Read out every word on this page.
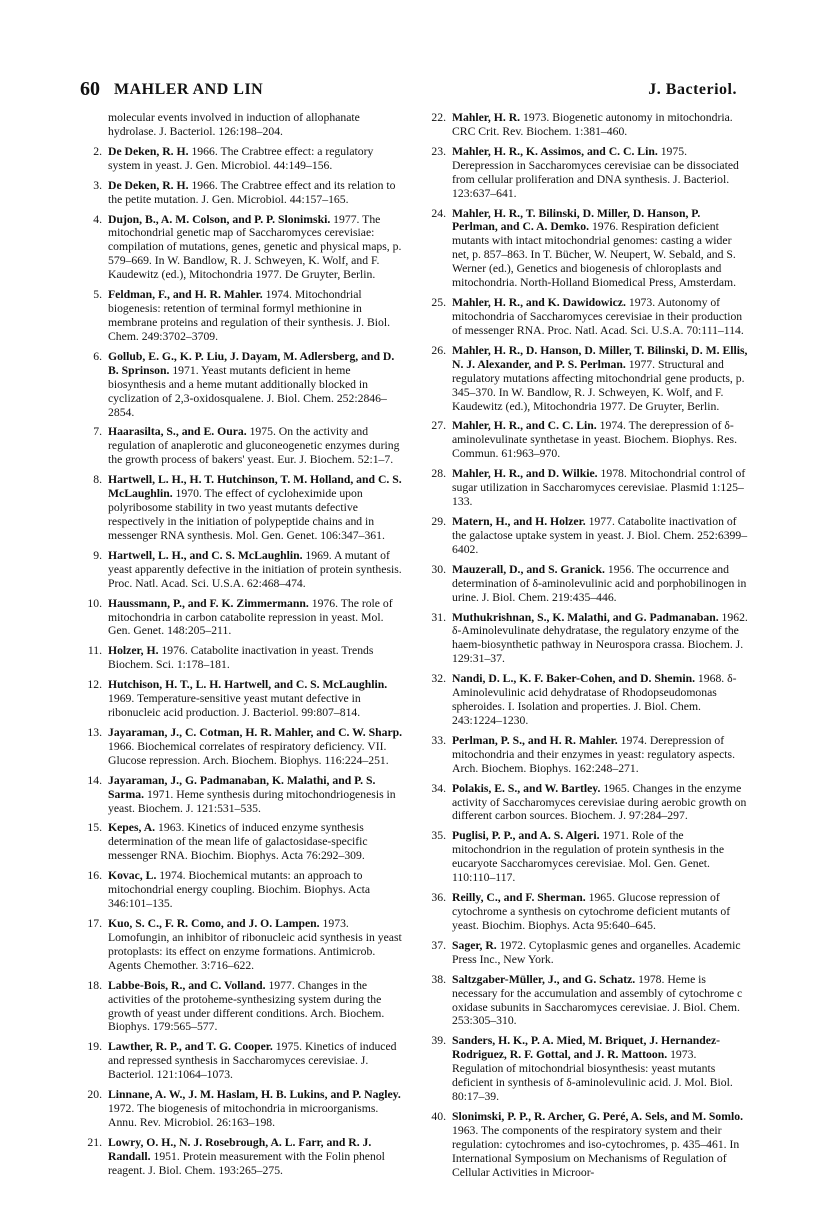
60 MAHLER AND LIN	J. Bacteriol.
molecular events involved in induction of allophanate hydrolase. J. Bacteriol. 126:198–204.
2. De Deken, R. H. 1966. The Crabtree effect: a regulatory system in yeast. J. Gen. Microbiol. 44:149–156.
3. De Deken, R. H. 1966. The Crabtree effect and its relation to the petite mutation. J. Gen. Microbiol. 44:157–165.
4. Dujon, B., A. M. Colson, and P. P. Slonimski. 1977. The mitochondrial genetic map of Saccharomyces cerevisiae: compilation of mutations, genes, genetic and physical maps, p. 579–669. In W. Bandlow, R. J. Schweyen, K. Wolf, and F. Kaudewitz (ed.), Mitochondria 1977. De Gruyter, Berlin.
5. Feldman, F., and H. R. Mahler. 1974. Mitochondrial biogenesis: retention of terminal formyl methionine in membrane proteins and regulation of their synthesis. J. Biol. Chem. 249:3702–3709.
6. Gollub, E. G., K. P. Liu, J. Dayam, M. Adlersberg, and D. B. Sprinson. 1971. Yeast mutants deficient in heme biosynthesis and a heme mutant additionally blocked in cyclization of 2,3-oxidosqualene. J. Biol. Chem. 252:2846–2854.
7. Haarasilta, S., and E. Oura. 1975. On the activity and regulation of anaplerotic and gluconeogenetic enzymes during the growth process of bakers' yeast. Eur. J. Biochem. 52:1–7.
8. Hartwell, L. H., H. T. Hutchinson, T. M. Holland, and C. S. McLaughlin. 1970. The effect of cycloheximide upon polyribosome stability in two yeast mutants defective respectively in the initiation of polypeptide chains and in messenger RNA synthesis. Mol. Gen. Genet. 106:347–361.
9. Hartwell, L. H., and C. S. McLaughlin. 1969. A mutant of yeast apparently defective in the initiation of protein synthesis. Proc. Natl. Acad. Sci. U.S.A. 62:468–474.
10. Haussmann, P., and F. K. Zimmermann. 1976. The role of mitochondria in carbon catabolite repression in yeast. Mol. Gen. Genet. 148:205–211.
11. Holzer, H. 1976. Catabolite inactivation in yeast. Trends Biochem. Sci. 1:178–181.
12. Hutchison, H. T., L. H. Hartwell, and C. S. McLaughlin. 1969. Temperature-sensitive yeast mutant defective in ribonucleic acid production. J. Bacteriol. 99:807–814.
13. Jayaraman, J., C. Cotman, H. R. Mahler, and C. W. Sharp. 1966. Biochemical correlates of respiratory deficiency. VII. Glucose repression. Arch. Biochem. Biophys. 116:224–251.
14. Jayaraman, J., G. Padmanaban, K. Malathi, and P. S. Sarma. 1971. Heme synthesis during mitochondriogenesis in yeast. Biochem. J. 121:531–535.
15. Kepes, A. 1963. Kinetics of induced enzyme synthesis determination of the mean life of galactosidase-specific messenger RNA. Biochim. Biophys. Acta 76:292–309.
16. Kovac, L. 1974. Biochemical mutants: an approach to mitochondrial energy coupling. Biochim. Biophys. Acta 346:101–135.
17. Kuo, S. C., F. R. Como, and J. O. Lampen. 1973. Lomofungin, an inhibitor of ribonucleic acid synthesis in yeast protoplasts: its effect on enzyme formations. Antimicrob. Agents Chemother. 3:716–622.
18. Labbe-Bois, R., and C. Volland. 1977. Changes in the activities of the protoheme-synthesizing system during the growth of yeast under different conditions. Arch. Biochem. Biophys. 179:565–577.
19. Lawther, R. P., and T. G. Cooper. 1975. Kinetics of induced and repressed synthesis in Saccharomyces cerevisiae. J. Bacteriol. 121:1064–1073.
20. Linnane, A. W., J. M. Haslam, H. B. Lukins, and P. Nagley. 1972. The biogenesis of mitochondria in microorganisms. Annu. Rev. Microbiol. 26:163–198.
21. Lowry, O. H., N. J. Rosebrough, A. L. Farr, and R. J. Randall. 1951. Protein measurement with the Folin phenol reagent. J. Biol. Chem. 193:265–275.
22. Mahler, H. R. 1973. Biogenetic autonomy in mitochondria. CRC Crit. Rev. Biochem. 1:381–460.
23. Mahler, H. R., K. Assimos, and C. C. Lin. 1975. Derepression in Saccharomyces cerevisiae can be dissociated from cellular proliferation and DNA synthesis. J. Bacteriol. 123:637–641.
24. Mahler, H. R., T. Bilinski, D. Miller, D. Hanson, P. Perlman, and C. A. Demko. 1976. Respiration deficient mutants with intact mitochondrial genomes: casting a wider net, p. 857–863. In T. Bücher, W. Neupert, W. Sebald, and S. Werner (ed.), Genetics and biogenesis of chloroplasts and mitochondria. North-Holland Biomedical Press, Amsterdam.
25. Mahler, H. R., and K. Dawidowicz. 1973. Autonomy of mitochondria of Saccharomyces cerevisiae in their production of messenger RNA. Proc. Natl. Acad. Sci. U.S.A. 70:111–114.
26. Mahler, H. R., D. Hanson, D. Miller, T. Bilinski, D. M. Ellis, N. J. Alexander, and P. S. Perlman. 1977. Structural and regulatory mutations affecting mitochondrial gene products, p. 345–370. In W. Bandlow, R. J. Schweyen, K. Wolf, and F. Kaudewitz (ed.), Mitochondria 1977. De Gruyter, Berlin.
27. Mahler, H. R., and C. C. Lin. 1974. The derepression of δ-aminolevulinate synthetase in yeast. Biochem. Biophys. Res. Commun. 61:963–970.
28. Mahler, H. R., and D. Wilkie. 1978. Mitochondrial control of sugar utilization in Saccharomyces cerevisiae. Plasmid 1:125–133.
29. Matern, H., and H. Holzer. 1977. Catabolite inactivation of the galactose uptake system in yeast. J. Biol. Chem. 252:6399–6402.
30. Mauzerall, D., and S. Granick. 1956. The occurrence and determination of δ-aminolevulinic acid and porphobilinogen in urine. J. Biol. Chem. 219:435–446.
31. Muthukrishnan, S., K. Malathi, and G. Padmanaban. 1962. δ-Aminolevulinate dehydratase, the regulatory enzyme of the haem-biosynthetic pathway in Neurospora crassa. Biochem. J. 129:31–37.
32. Nandi, D. L., K. F. Baker-Cohen, and D. Shemin. 1968. δ-Aminolevulinic acid dehydratase of Rhodopseudomonas spheroides. I. Isolation and properties. J. Biol. Chem. 243:1224–1230.
33. Perlman, P. S., and H. R. Mahler. 1974. Derepression of mitochondria and their enzymes in yeast: regulatory aspects. Arch. Biochem. Biophys. 162:248–271.
34. Polakis, E. S., and W. Bartley. 1965. Changes in the enzyme activity of Saccharomyces cerevisiae during aerobic growth on different carbon sources. Biochem. J. 97:284–297.
35. Puglisi, P. P., and A. S. Algeri. 1971. Role of the mitochondrion in the regulation of protein synthesis in the eucaryote Saccharomyces cerevisiae. Mol. Gen. Genet. 110:110–117.
36. Reilly, C., and F. Sherman. 1965. Glucose repression of cytochrome a synthesis on cytochrome deficient mutants of yeast. Biochim. Biophys. Acta 95:640–645.
37. Sager, R. 1972. Cytoplasmic genes and organelles. Academic Press Inc., New York.
38. Saltzgaber-Müller, J., and G. Schatz. 1978. Heme is necessary for the accumulation and assembly of cytochrome c oxidase subunits in Saccharomyces cerevisiae. J. Biol. Chem. 253:305–310.
39. Sanders, H. K., P. A. Mied, M. Briquet, J. Hernandez-Rodriguez, R. F. Gottal, and J. R. Mattoon. 1973. Regulation of mitochondrial biosynthesis: yeast mutants deficient in synthesis of δ-aminolevulinic acid. J. Mol. Biol. 80:17–39.
40. Slonimski, P. P., R. Archer, G. Peré, A. Sels, and M. Somlo. 1963. The components of the respiratory system and their regulation: cytochromes and iso-cytochromes, p. 435–461. In International Symposium on Mechanisms of Regulation of Cellular Activities in Microor-
